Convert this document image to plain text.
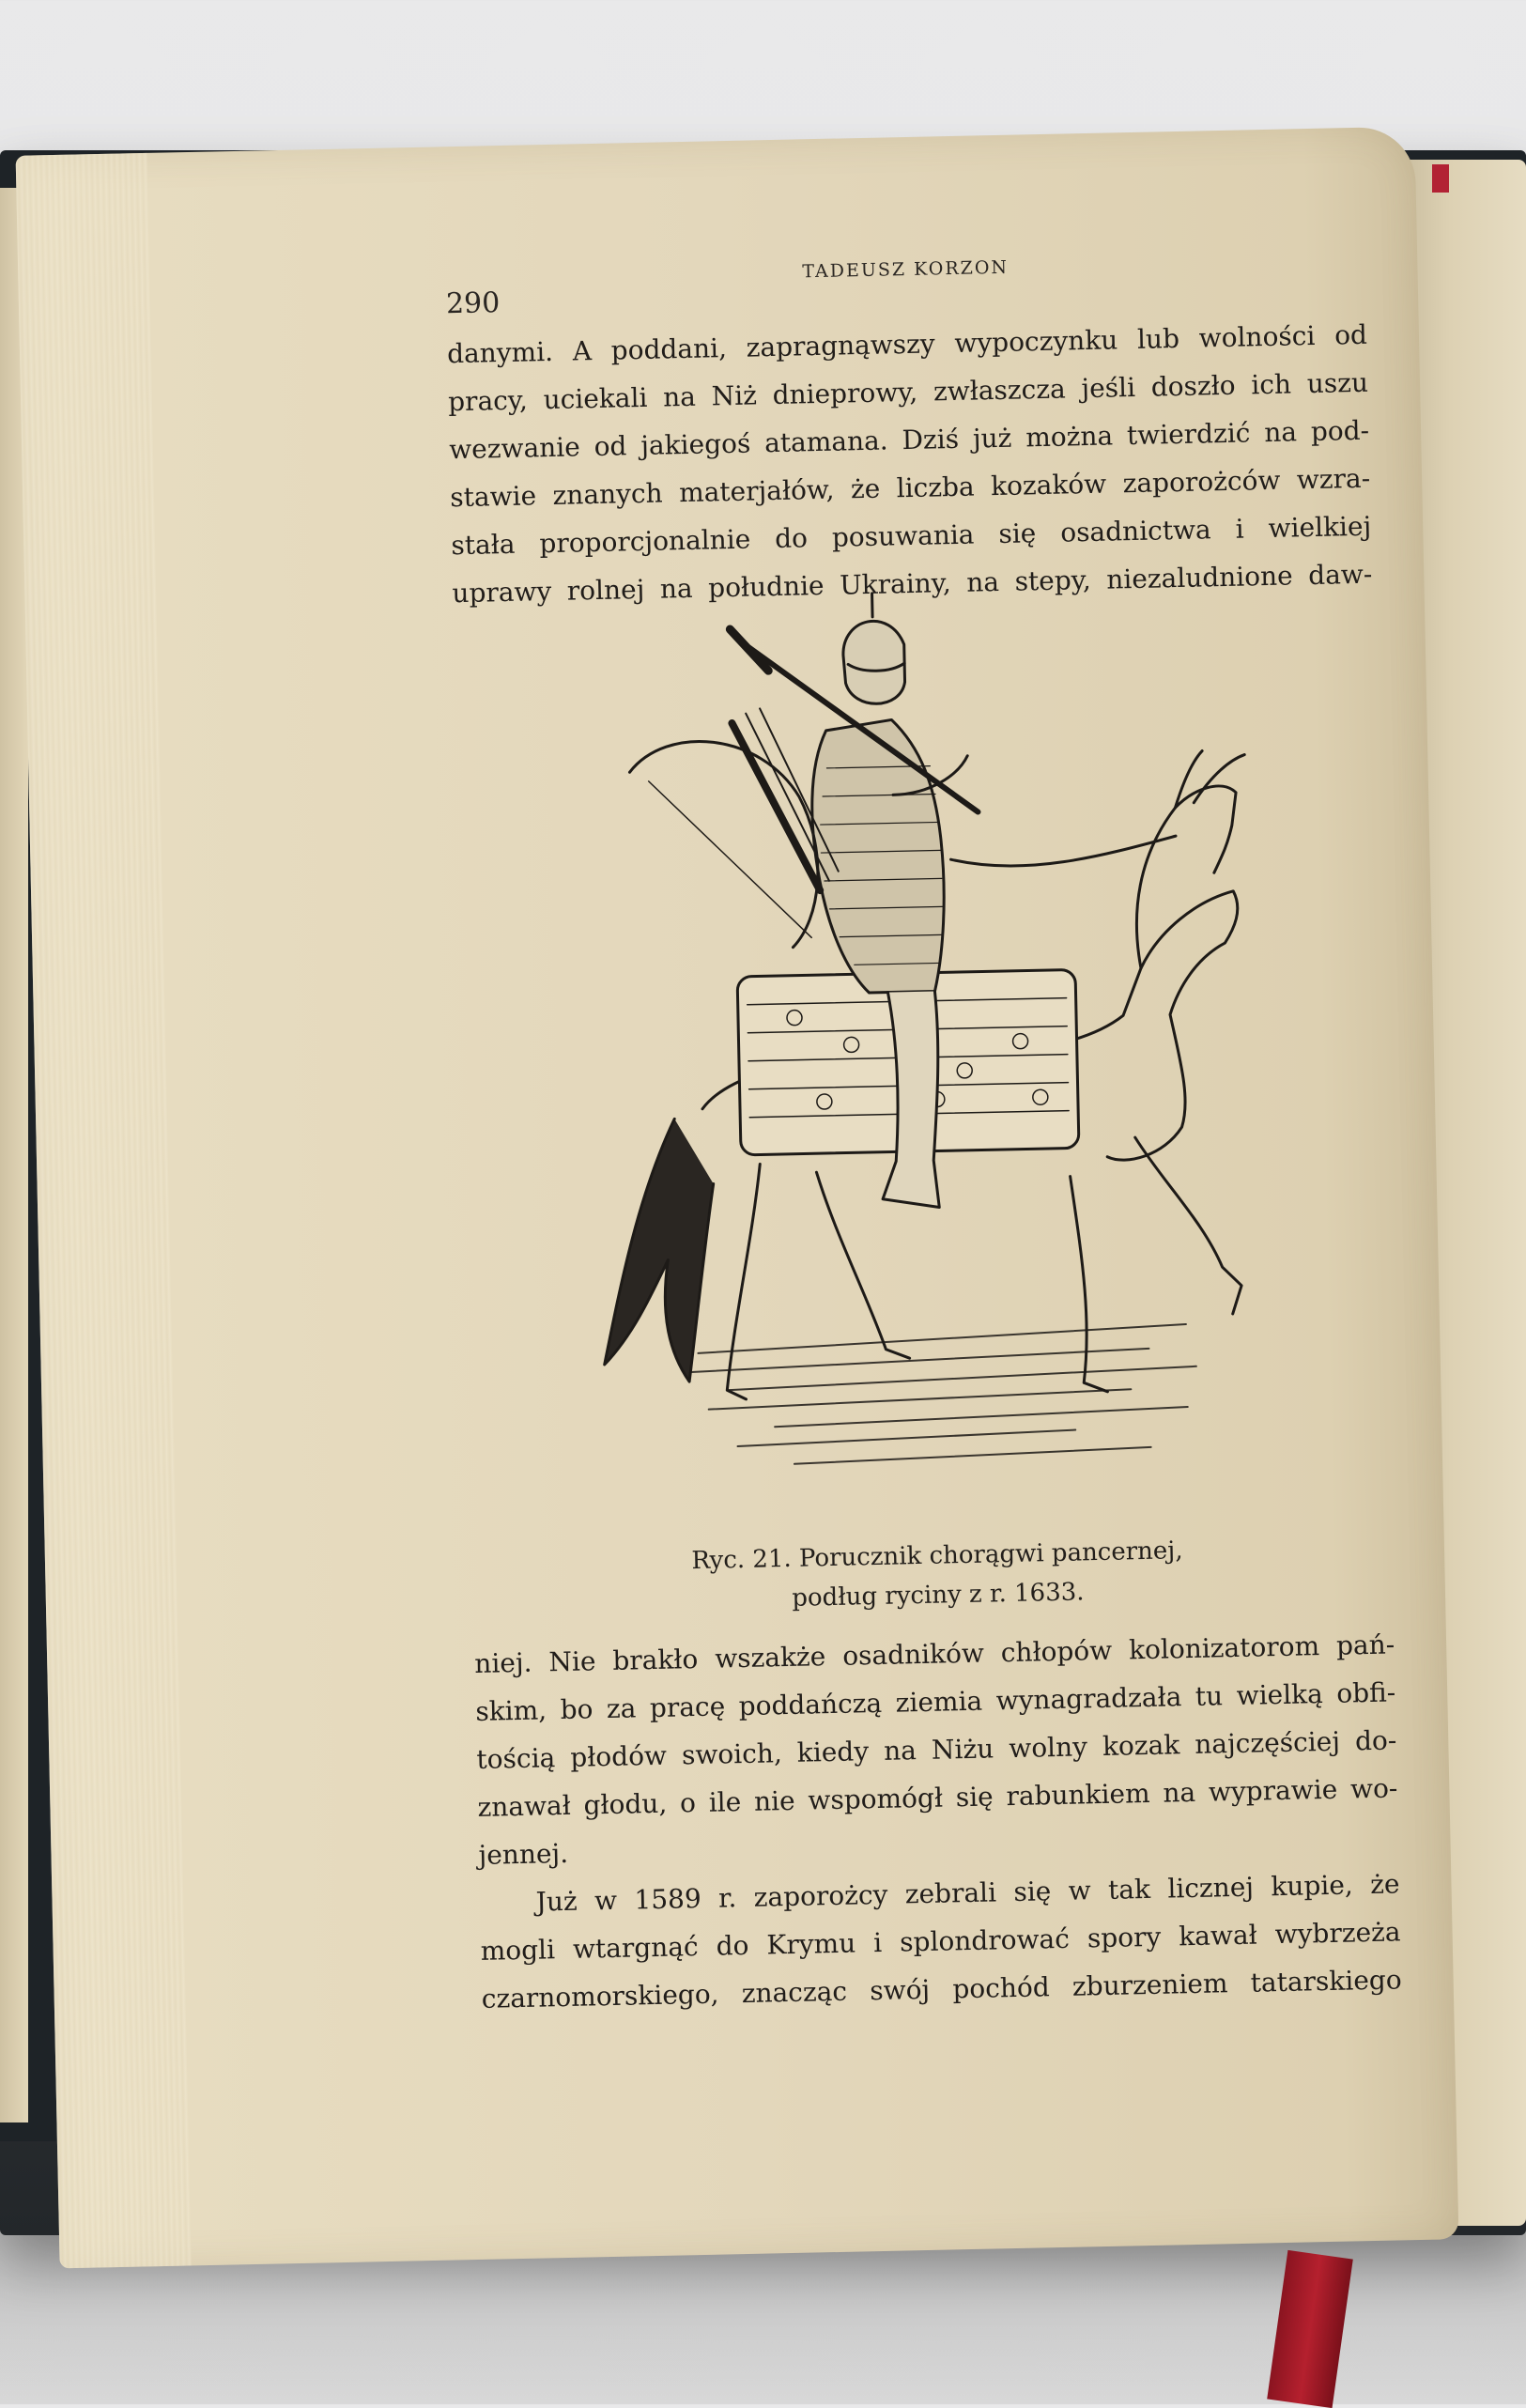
290
TADEUSZ KORZON
danymi. A poddani, zapragnąwszy wypoczynku lub wolności od
pracy, uciekali na Niż dnieprowy, zwłaszcza jeśli doszło ich uszu
wezwanie od jakiegoś atamana. Dziś już można twierdzić na pod-
stawie znanych materjałów, że liczba kozaków zaporożców wzra-
stała proporcjonalnie do posuwania się osadnictwa i wielkiej
uprawy rolnej na południe Ukrainy, na stepy, niezaludnione daw-
Ryc. 21. Porucznik chorągwi pancernej,
podług ryciny z r. 1633.
niej. Nie brakło wszakże osadników chłopów kolonizatorom pań-
skim, bo za pracę poddańczą ziemia wynagradzała tu wielką obfi-
tością płodów swoich, kiedy na Niżu wolny kozak najczęściej do-
znawał głodu, o ile nie wspomógł się rabunkiem na wyprawie wo-
jennej.
Już w 1589 r. zaporożcy zebrali się w tak licznej kupie, że
mogli wtargnąć do Krymu i splondrować spory kawał wybrzeża
czarnomorskiego, znacząc swój pochód zburzeniem tatarskiego
